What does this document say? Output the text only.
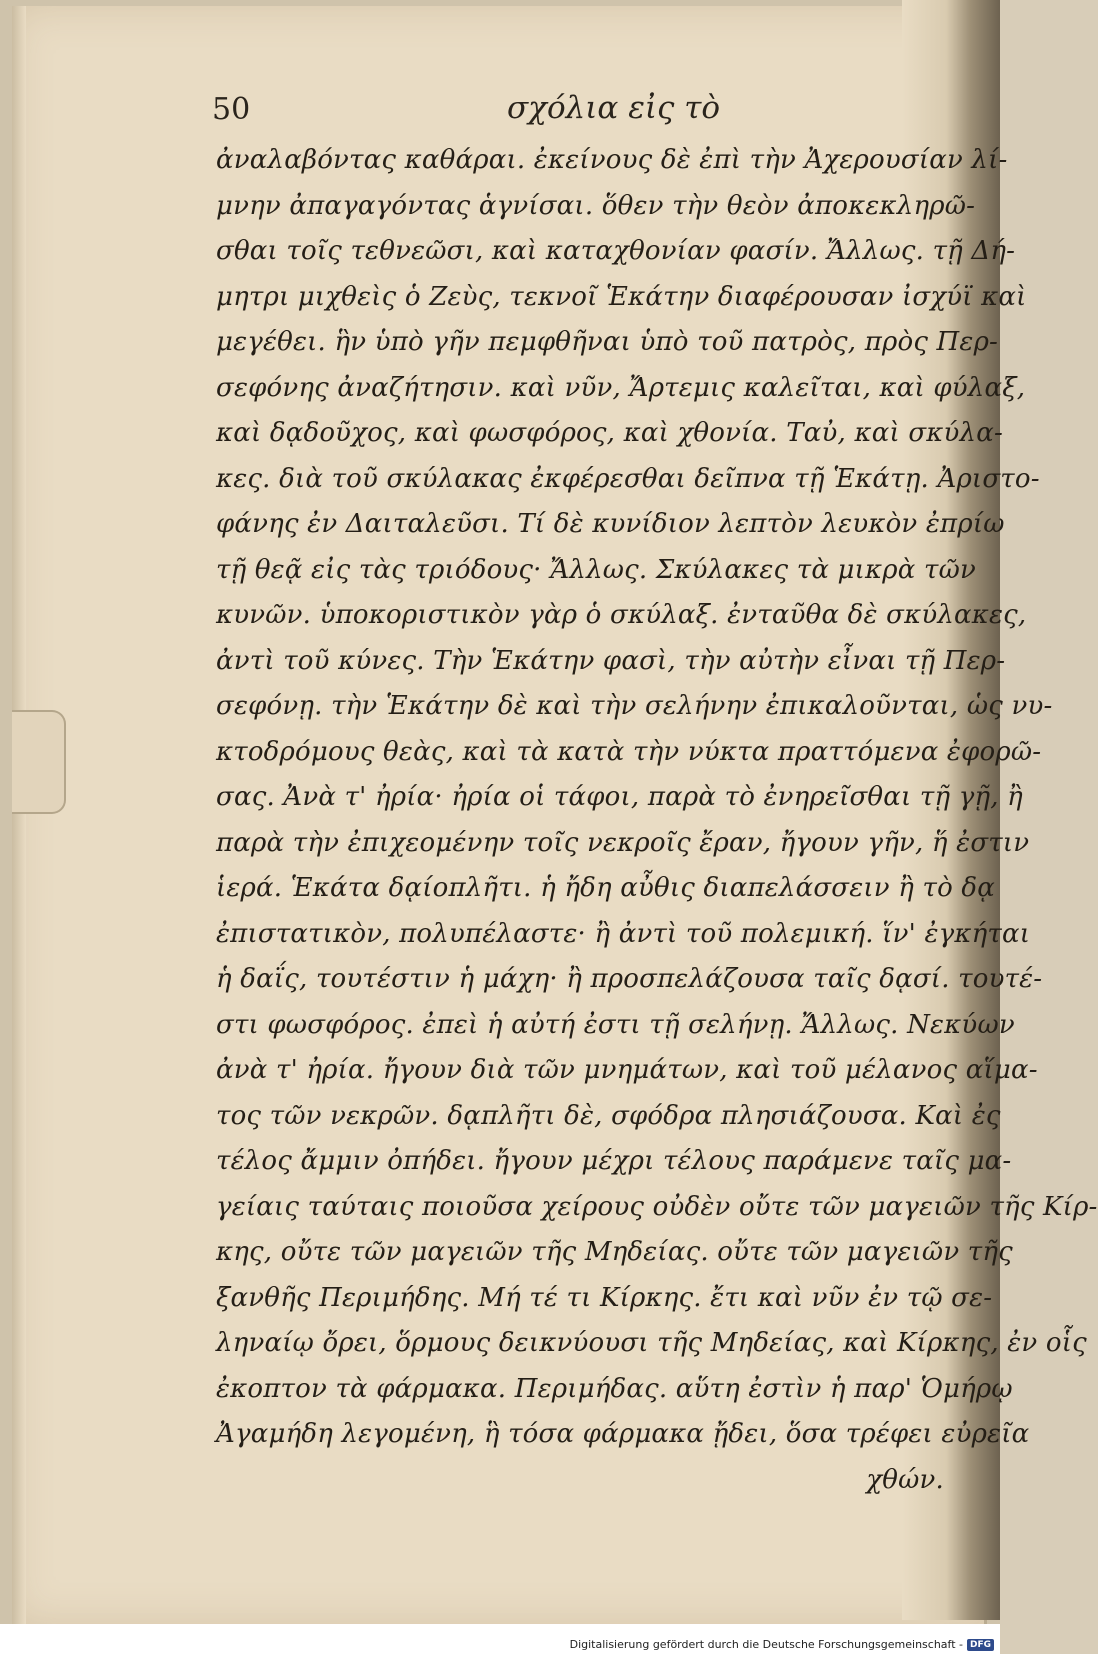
50	σχόλια εἰς τὸ
ἀναλαβόντας καθάραι. ἐκείνους δὲ ἐπὶ τὴν Ἀχερουσίαν λί-
μνην ἀπαγαγόντας ἁγνίσαι. ὅθεν τὴν θεὸν ἀποκεκληρῶ-
σθαι τοῖς τεθνεῶσι, καὶ καταχθονίαν φασίν. Ἄλλως. τῇ Δή-
μητρι μιχθεὶς ὁ Ζεὺς, τεκνοῖ Ἑκάτην διαφέρουσαν ἰσχύϊ καὶ
μεγέθει. ἣν ὑπὸ γῆν πεμφθῆναι ὑπὸ τοῦ πατρὸς, πρὸς Περ-
σεφόνης ἀναζήτησιν. καὶ νῦν, Ἄρτεμις καλεῖται, καὶ φύλαξ,
καὶ δᾳδοῦχος, καὶ φωσφόρος, καὶ χθονία. Ταὐ, καὶ σκύλα-
κες. διὰ τοῦ σκύλακας ἐκφέρεσθαι δεῖπνα τῇ Ἑκάτῃ. Ἀριστο-
φάνης ἐν Δαιταλεῦσι. Τί δὲ κυνίδιον λεπτὸν λευκὸν ἐπρίω
τῇ θεᾷ εἰς τὰς τριόδους· Ἄλλως. Σκύλακες τὰ μικρὰ τῶν
κυνῶν. ὑποκοριστικὸν γὰρ ὁ σκύλαξ. ἐνταῦθα δὲ σκύλακες,
ἀντὶ τοῦ κύνες. Τὴν Ἑκάτην φασὶ, τὴν αὐτὴν εἶναι τῇ Περ-
σεφόνῃ. τὴν Ἑκάτην δὲ καὶ τὴν σελήνην ἐπικαλοῦνται, ὡς νυ-
κτοδρόμους θεὰς, καὶ τὰ κατὰ τὴν νύκτα πραττόμενα ἐφορῶ-
σας. Ἀνὰ τ' ἠρία· ἠρία οἱ τάφοι, παρὰ τὸ ἐνηρεῖσθαι τῇ γῇ, ἢ
παρὰ τὴν ἐπιχεομένην τοῖς νεκροῖς ἔραν, ἤγουν γῆν, ἥ ἐστιν
ἱερά. Ἑκάτα δᾳίοπλῆτι. ἡ ἤδη αὖθις διαπελάσσειν ἢ τὸ δᾳ
ἐπιστατικὸν, πολυπέλαστε· ἢ ἀντὶ τοῦ πολεμική. ἵν' ἐγκήται
ἡ δαΐς, τουτέστιν ἡ μάχη· ἢ προσπελάζουσα ταῖς δᾳσί. τουτέ-
στι φωσφόρος. ἐπεὶ ἡ αὐτή ἐστι τῇ σελήνῃ. Ἄλλως. Νεκύων
ἀνὰ τ' ἠρία. ἤγουν διὰ τῶν μνημάτων, καὶ τοῦ μέλανος αἵμα-
τος τῶν νεκρῶν. δᾳπλῆτι δὲ, σφόδρα πλησιάζουσα. Καὶ ἐς
τέλος ἄμμιν ὀπήδει. ἤγουν μέχρι τέλους παράμενε ταῖς μα-
γείαις ταύταις ποιοῦσα χείρους οὐδὲν οὔτε τῶν μαγειῶν τῆς Κίρ-
κης, οὔτε τῶν μαγειῶν τῆς Μηδείας. οὔτε τῶν μαγειῶν τῆς
ξανθῆς Περιμήδης. Μή τέ τι Κίρκης. ἔτι καὶ νῦν ἐν τῷ σε-
ληναίῳ ὄρει, ὅρμους δεικνύουσι τῆς Μηδείας, καὶ Κίρκης, ἐν οἷς
ἐκοπτον τὰ φάρμακα. Περιμήδας. αὕτη ἐστὶν ἡ παρ' Ὁμήρῳ
Ἀγαμήδη λεγομένη, ἣ τόσα φάρμακα ᾔδει, ὅσα τρέφει εὐρεῖα
χθών.
Digitalisierung gefördert durch die Deutsche Forschungsgemeinschaft - DFG
